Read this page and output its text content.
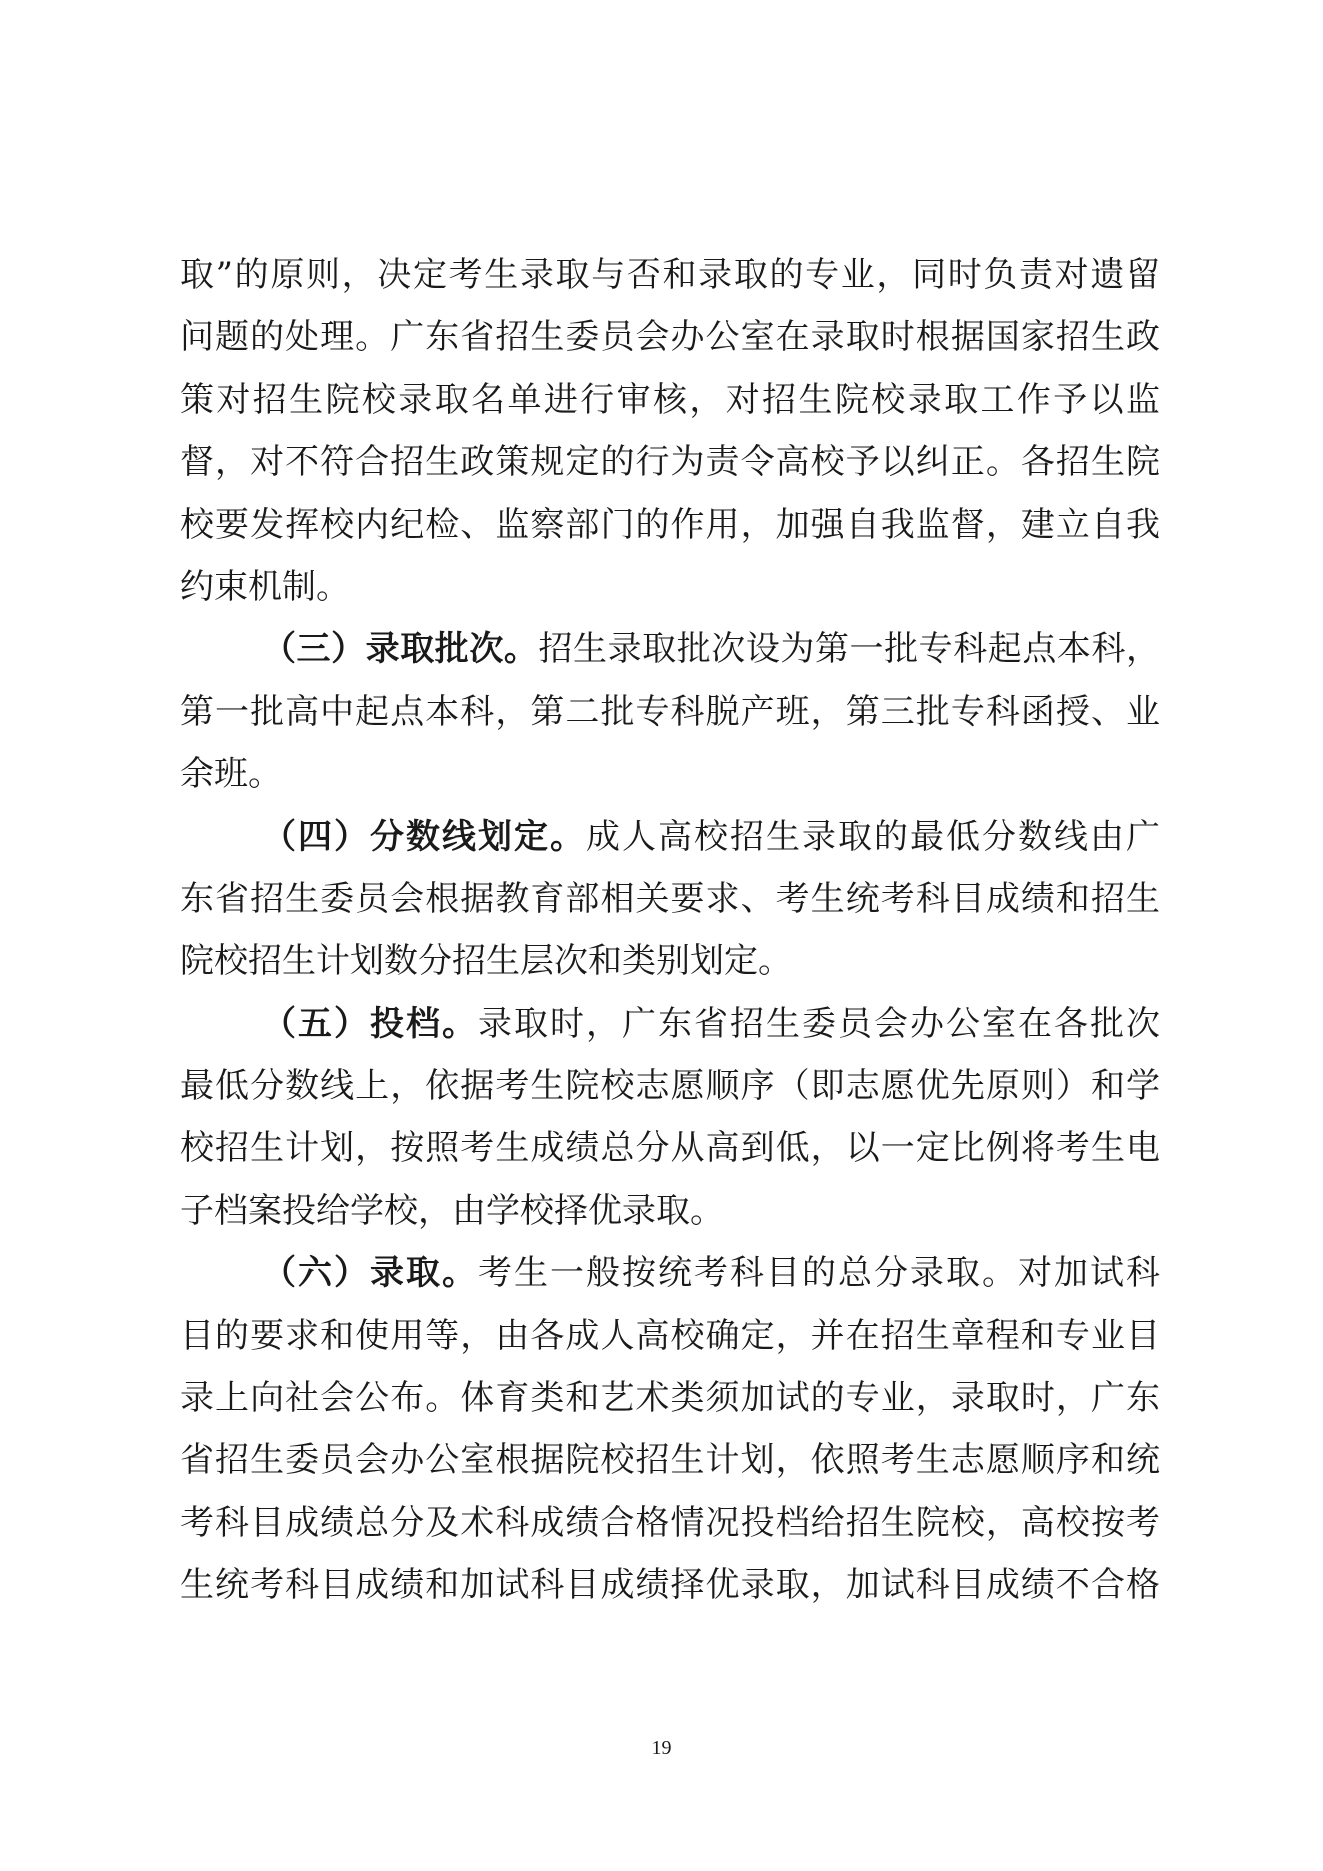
取”的原则，决定考生录取与否和录取的专业，同时负责对遗留
问题的处理。广东省招生委员会办公室在录取时根据国家招生政
策对招生院校录取名单进行审核，对招生院校录取工作予以监
督，对不符合招生政策规定的行为责令高校予以纠正。各招生院
校要发挥校内纪检、监察部门的作用，加强自我监督，建立自我
约束机制。
（三）录取批次。招生录取批次设为第一批专科起点本科，
第一批高中起点本科，第二批专科脱产班，第三批专科函授、业
余班。
（四）分数线划定。成人高校招生录取的最低分数线由广
东省招生委员会根据教育部相关要求、考生统考科目成绩和招生
院校招生计划数分招生层次和类别划定。
（五）投档。录取时，广东省招生委员会办公室在各批次
最低分数线上，依据考生院校志愿顺序（即志愿优先原则）和学
校招生计划，按照考生成绩总分从高到低，以一定比例将考生电
子档案投给学校，由学校择优录取。
（六）录取。考生一般按统考科目的总分录取。对加试科
目的要求和使用等，由各成人高校确定，并在招生章程和专业目
录上向社会公布。体育类和艺术类须加试的专业，录取时，广东
省招生委员会办公室根据院校招生计划，依照考生志愿顺序和统
考科目成绩总分及术科成绩合格情况投档给招生院校，高校按考
生统考科目成绩和加试科目成绩择优录取，加试科目成绩不合格
19
